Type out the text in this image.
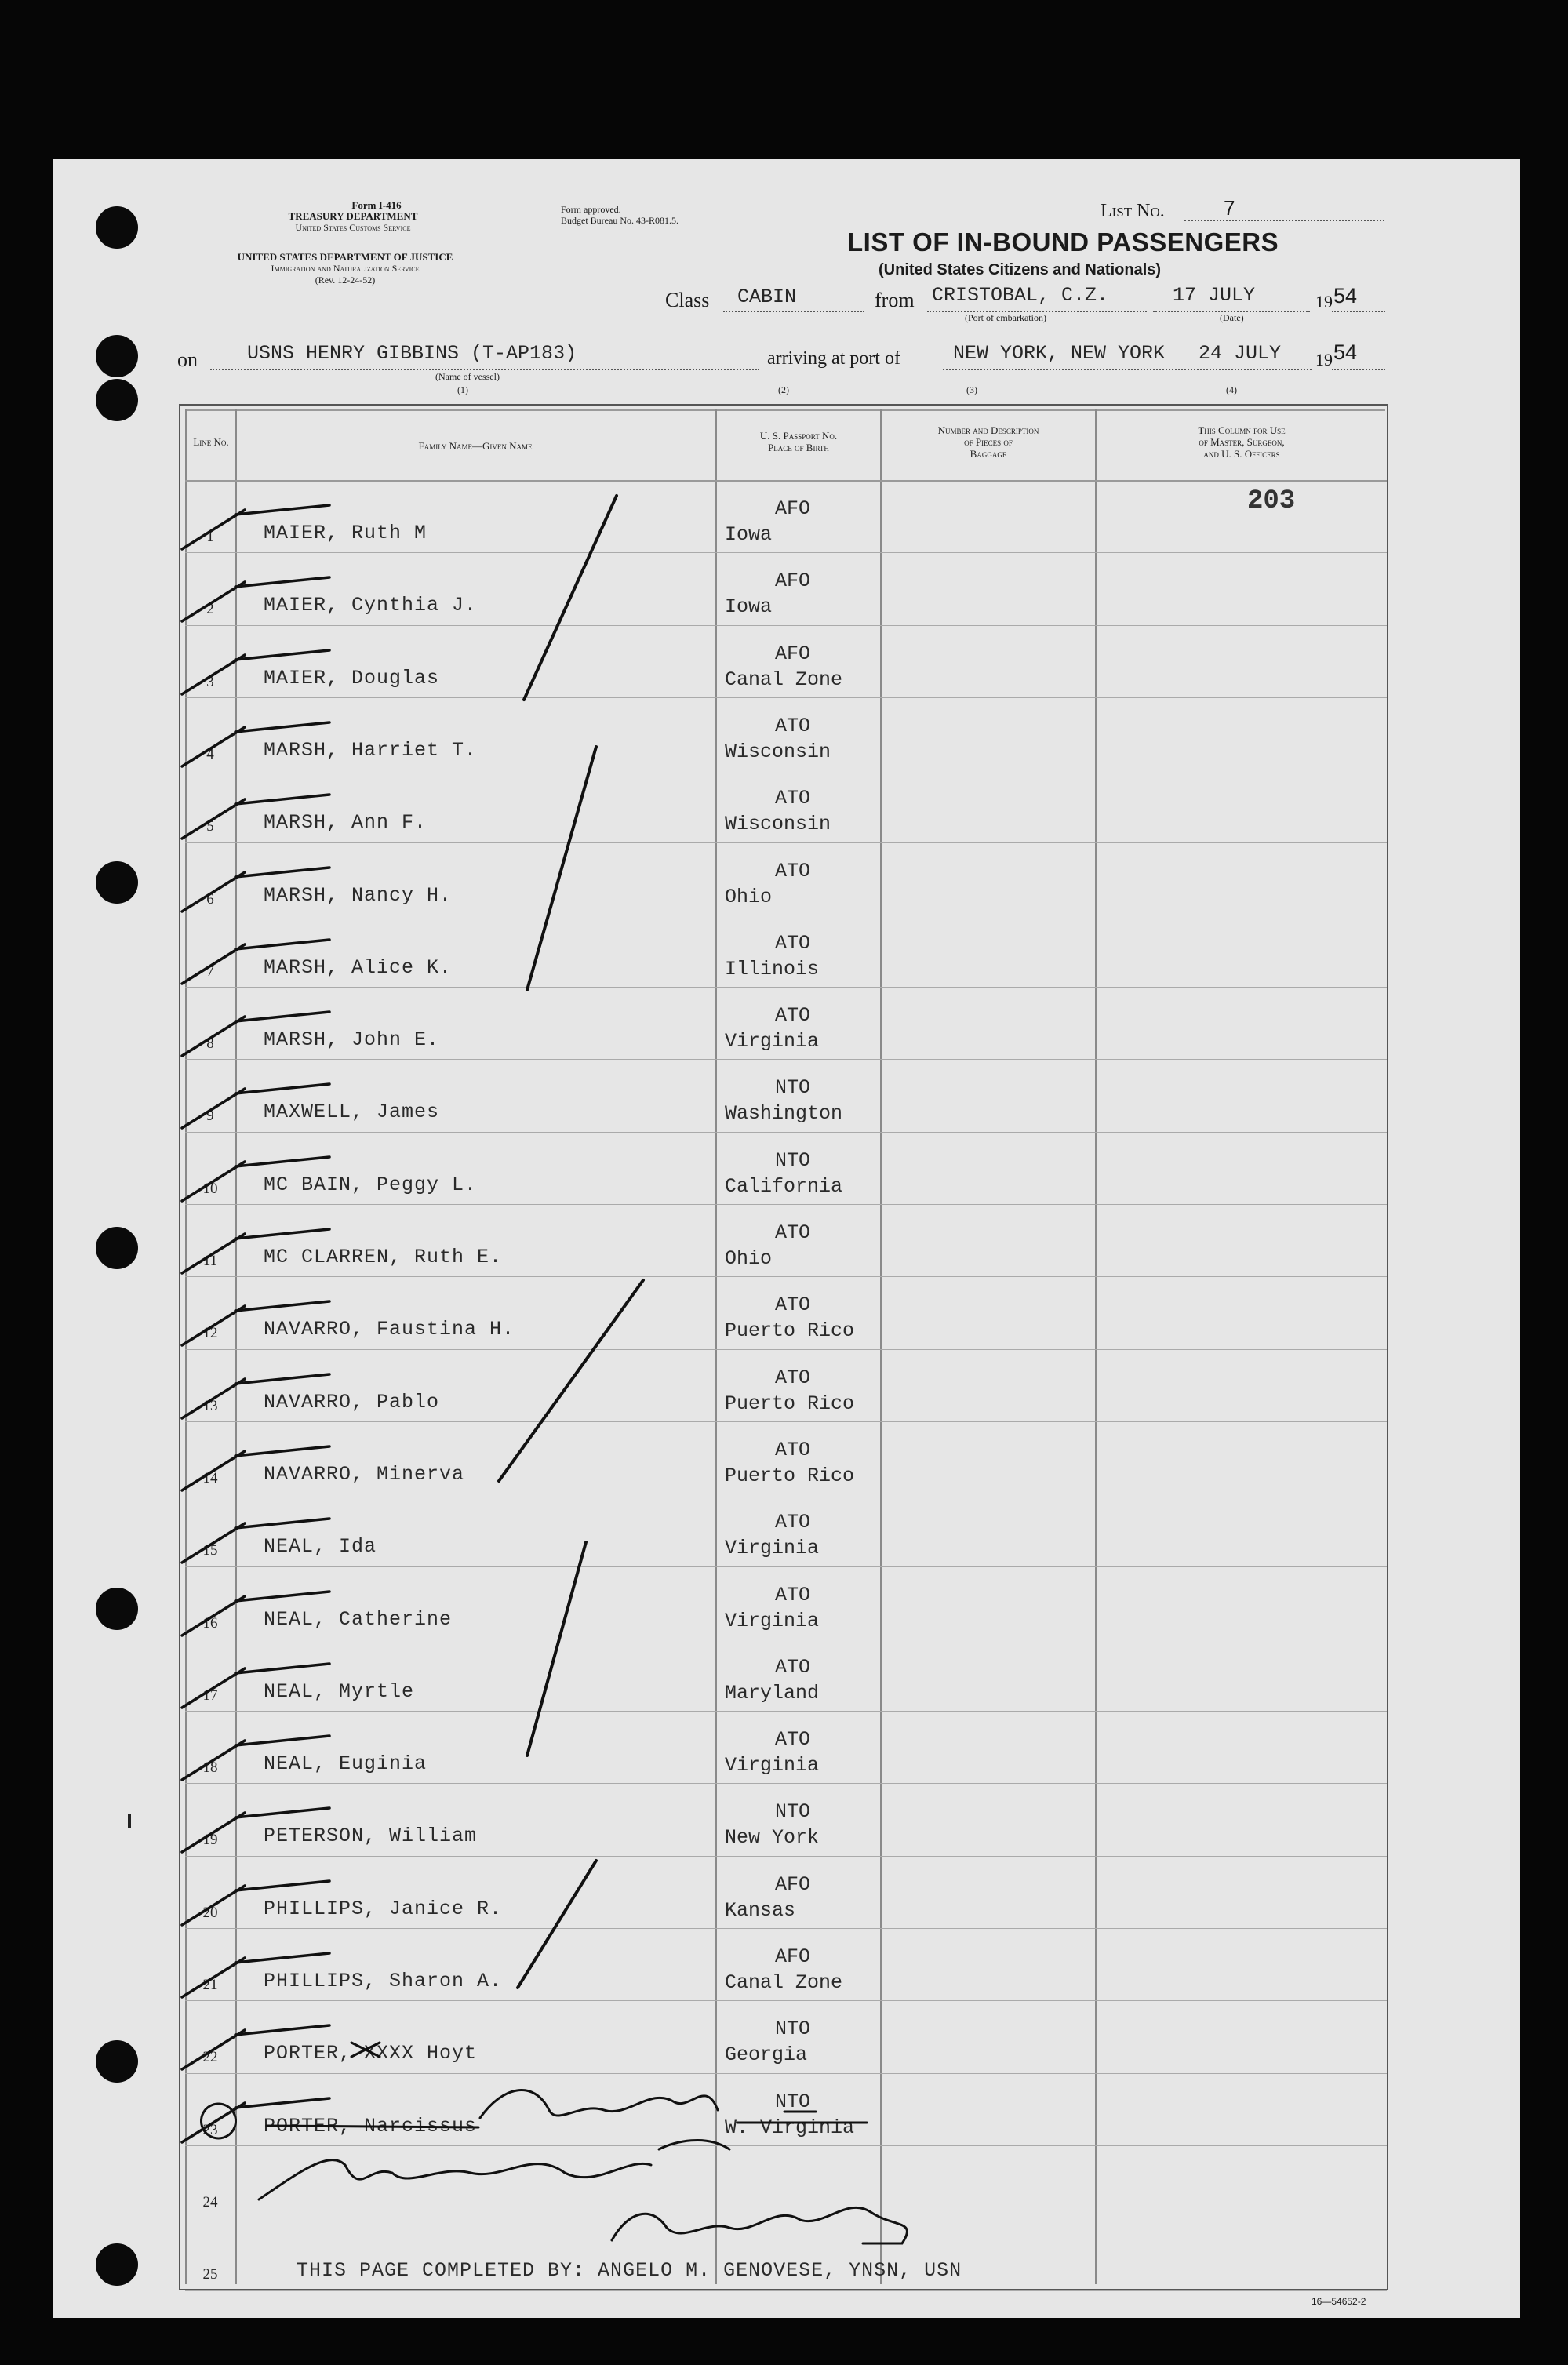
Form I-416
TREASURY DEPARTMENT
United States Customs Service
UNITED STATES DEPARTMENT OF JUSTICE
Immigration and Naturalization Service
(Rev. 12-24-52)
Form approved.
Budget Bureau No. 43-R081.5.	List No.	7
LIST OF IN-BOUND PASSENGERS
(United States Citizens and Nationals)
Class CABIN	from CRISTOBAL, C.Z.
(Port of embarkation)
17 JULY
(Date)
19 54
on	USNS HENRY GIBBINS (T-AP183)
(Name of vessel)
(1)
arriving at port of	NEW YORK, NEW YORK 24 JULY 19 54
(2)	(3)	(4)
Line No.	Family Name—Given Name
U. S. Passport No.
Place of Birth
Number and Description
of Pieces of
Baggage
This Column for Use
of Master, Surgeon,
and U. S. Officers
203
1	MAIER, Ruth M
AFO
Iowa
2	MAIER, Cynthia J.
AFO
Iowa
3	MAIER, Douglas
AFO
Canal Zone
4	MARSH, Harriet T.
ATO
Wisconsin
5	MARSH, Ann F.
ATO
Wisconsin
6	MARSH, Nancy H.
ATO
Ohio
7	MARSH, Alice K.
ATO
Illinois
8	MARSH, John E.
ATO
Virginia
9	MAXWELL, James
NTO
Washington
10	MC BAIN, Peggy L.
NTO
California
11	MC CLARREN, Ruth E.
ATO
Ohio
12	NAVARRO, Faustina H.
ATO
Puerto Rico
13	NAVARRO, Pablo
ATO
Puerto Rico
14	NAVARRO, Minerva
ATO
Puerto Rico
15	NEAL, Ida
ATO
Virginia
16	NEAL, Catherine
ATO
Virginia
17	NEAL, Myrtle
ATO
Maryland
18	NEAL, Euginia
ATO
Virginia
19	PETERSON, William
NTO
New York
20	PHILLIPS, Janice R.
AFO
Kansas
21	PHILLIPS, Sharon A.
AFO
Canal Zone
22	PORTER, XXXX Hoyt
NTO
Georgia
23	PORTER, Narcissus
NTO
W. Virginia
24
25	THIS PAGE COMPLETED BY: ANGELO M. GENOVESE, YNSN, USN
16—54652-2
